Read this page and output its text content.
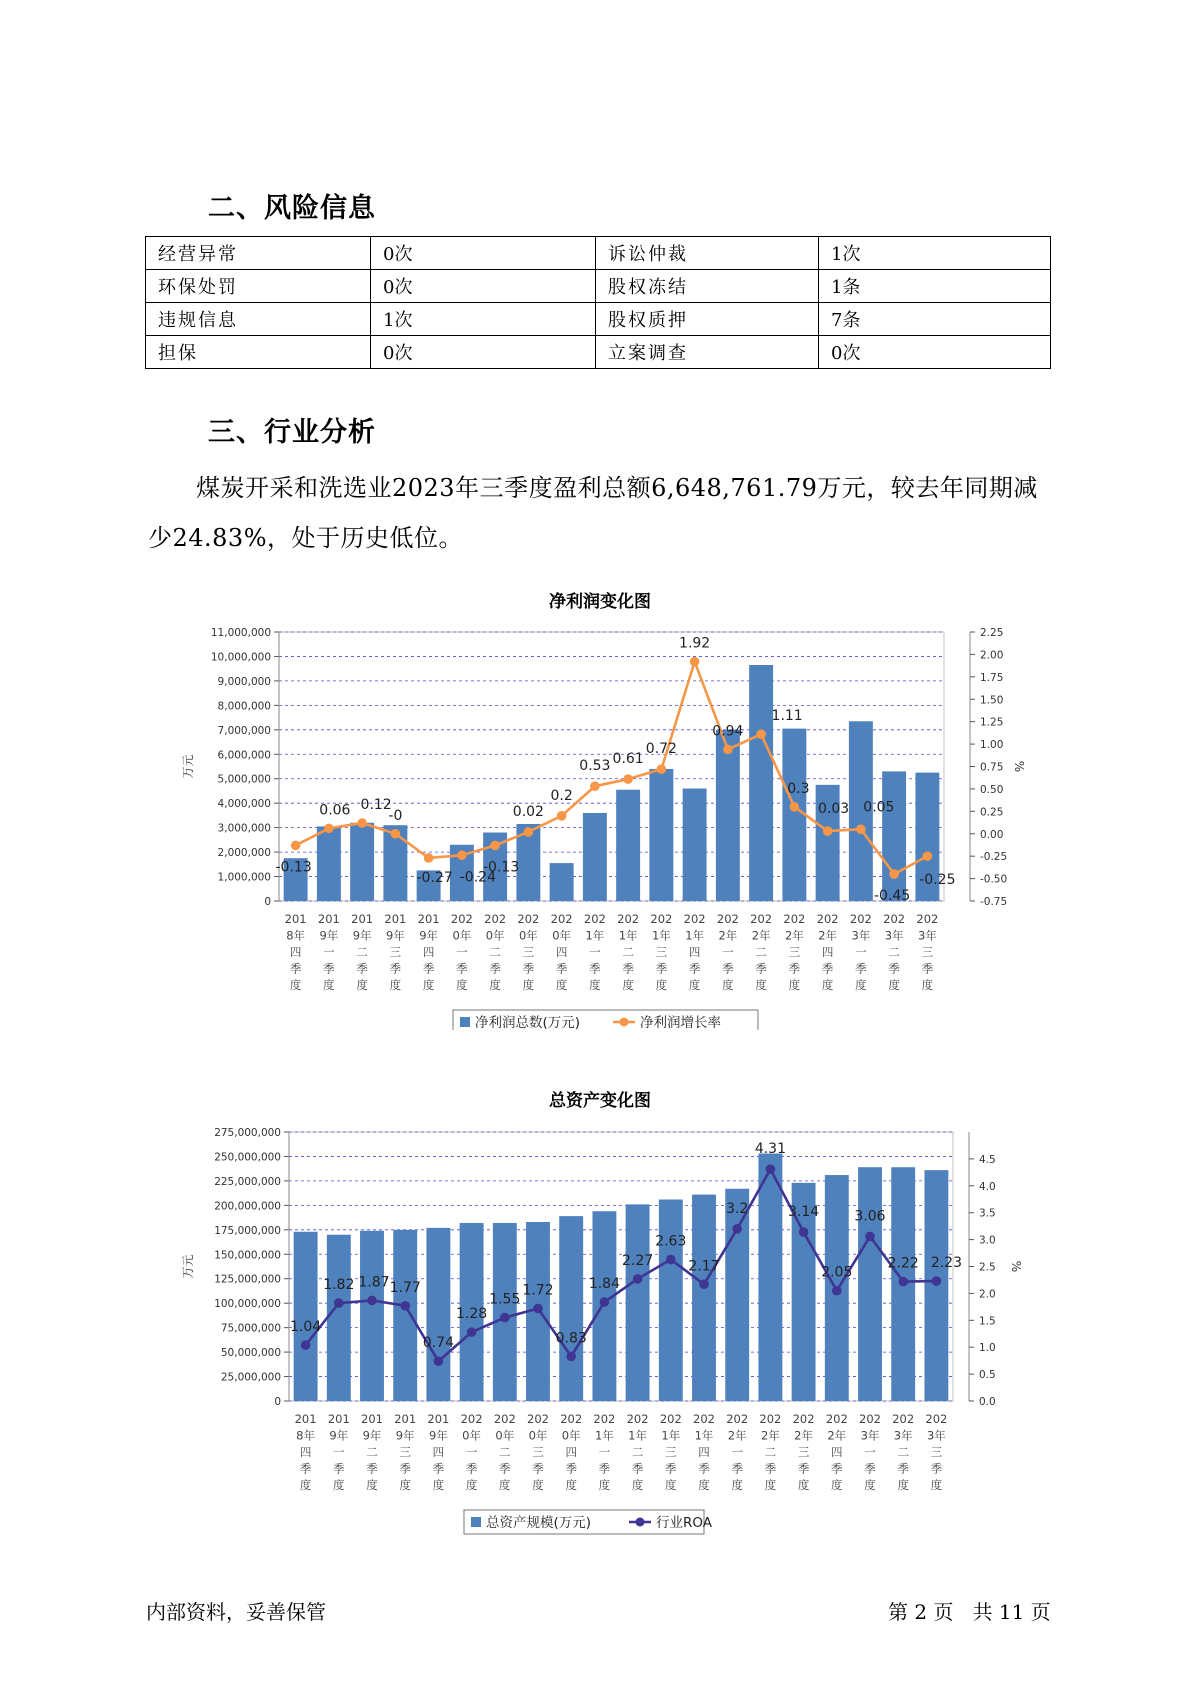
二、风险信息
经营异常	0次	诉讼仲裁	1次
环保处罚	0次	股权冻结	1条
违规信息	1次	股权质押	7条
担保	0次	立案调查	0次
三、行业分析
煤炭开采和洗选业2023年三季度盈利总额6,648,761.79万元，较去年同期减少24.83%，处于历史低位。
净利润变化图
0
1,000,000
2,000,000
3,000,000
4,000,000
5,000,000
6,000,000
7,000,000
8,000,000
9,000,000
10,000,000
11,000,000
-0.75
-0.50
-0.25
0.00
0.25
0.50
0.75
1.00
1.25
1.50
1.75
2.00
2.25
万元	%
201 8年四季度
201 9年一季度
201 9年二季度
201 9年三季度
201 9年四季度
202 0年一季度
202 0年二季度
202 0年三季度
202 0年四季度
202 1年一季度
202 1年二季度
202 1年三季度
202 1年四季度
202 2年一季度
202 2年二季度
202 2年三季度
202 2年四季度
202 3年一季度
202 3年二季度
202 3年三季度
-0.13
0.06 0.12
-0
-0.27 -0.24
-0.13
0.02
0.2
0.53 0.61
0.72
1.92
0.94
1.11
0.3
0.03 0.05
-0.45
-0.25
净利润总数(万元)	净利润增长率
总资产变化图
0
25,000,000
50,000,000
75,000,000
100,000,000
125,000,000
150,000,000
175,000,000
200,000,000
225,000,000
250,000,000
275,000,000
0.0
0.5
1.0
1.5
2.0
2.5
3.0
3.5
4.0
4.5
万元	%
201 8年四季度
201 9年一季度
201 9年二季度
201 9年三季度
201 9年四季度
202 0年一季度
202 0年二季度
202 0年三季度
202 0年四季度
202 1年一季度
202 1年二季度
202 1年三季度
202 1年四季度
202 2年一季度
202 2年二季度
202 2年三季度
202 2年四季度
202 3年一季度
202 3年二季度
202 3年三季度
1.04
1.82 1.87 1.77
0.74
1.28
1.55
1.72
0.83
1.84
2.27
2.63
2.17
3.2
4.31
3.14
2.05
3.06
2.22 2.23
总资产规模(万元)	行业ROA
内部资料，妥善保管	第 2 页   共 11 页
